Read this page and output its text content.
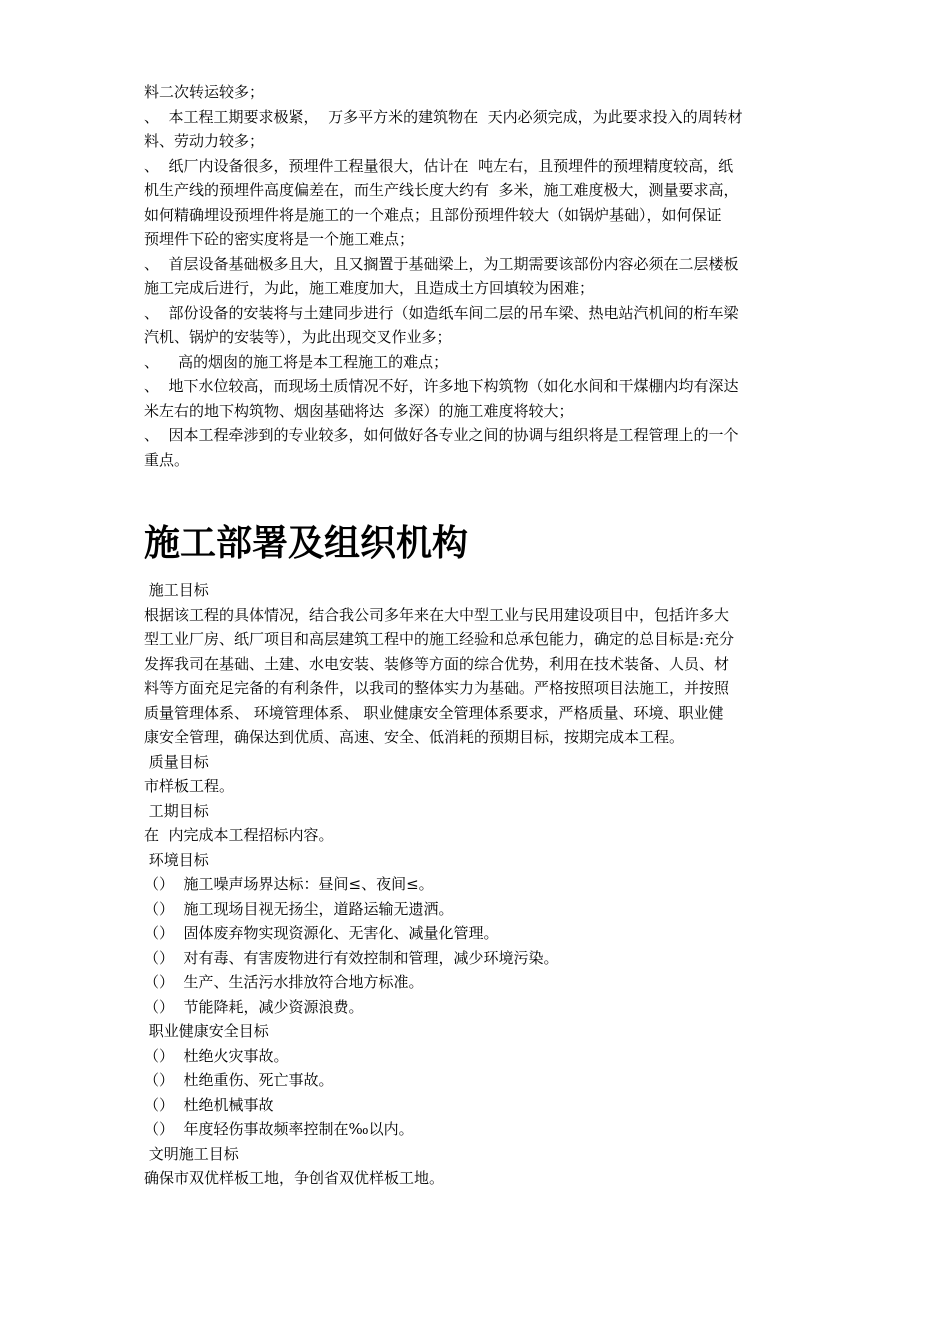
料二次转运较多；
、  本工程工期要求极紧，  万多平方米的建筑物在  天内必须完成，为此要求投入的周转材
料、劳动力较多；
、  纸厂内设备很多，预埋件工程量很大，估计在  吨左右，且预埋件的预埋精度较高，纸
机生产线的预埋件高度偏差在，而生产线长度大约有  多米，施工难度极大，测量要求高，
如何精确埋设预埋件将是施工的一个难点；且部份预埋件较大（如锅炉基础），如何保证
预埋件下砼的密实度将是一个施工难点；
、  首层设备基础极多且大，且又搁置于基础梁上，为工期需要该部份内容必须在二层楼板
施工完成后进行，为此，施工难度加大，且造成土方回填较为困难；
、  部份设备的安装将与土建同步进行（如造纸车间二层的吊车梁、热电站汽机间的桁车梁
汽机、锅炉的安装等），为此出现交叉作业多；
、    高的烟囱的施工将是本工程施工的难点；
、  地下水位较高，而现场土质情况不好，许多地下构筑物（如化水间和干煤棚内均有深达
米左右的地下构筑物、烟囱基础将达  多深）的施工难度将较大；
、  因本工程牵涉到的专业较多，如何做好各专业之间的协调与组织将是工程管理上的一个
重点。
施工部署及组织机构
施工目标
根据该工程的具体情况，结合我公司多年来在大中型工业与民用建设项目中，包括许多大
型工业厂房、纸厂项目和高层建筑工程中的施工经验和总承包能力，确定的总目标是:充分
发挥我司在基础、土建、水电安装、装修等方面的综合优势，利用在技术装备、人员、材
料等方面充足完备的有利条件，以我司的整体实力为基础。严格按照项目法施工，并按照
质量管理体系、 环境管理体系、 职业健康安全管理体系要求，严格质量、环境、职业健
康安全管理，确保达到优质、高速、安全、低消耗的预期目标，按期完成本工程。
质量目标
市样板工程。
工期目标
在  内完成本工程招标内容。
环境目标
（）  施工噪声场界达标：昼间≤、夜间≤。
（）  施工现场目视无扬尘，道路运输无遗洒。
（）  固体废弃物实现资源化、无害化、减量化管理。
（）  对有毒、有害废物进行有效控制和管理，减少环境污染。
（）  生产、生活污水排放符合地方标准。
（）  节能降耗，减少资源浪费。
职业健康安全目标
（）  杜绝火灾事故。
（）  杜绝重伤、死亡事故。
（）  杜绝机械事故
（）  年度轻伤事故频率控制在‰以内。
文明施工目标
确保市双优样板工地，争创省双优样板工地。
